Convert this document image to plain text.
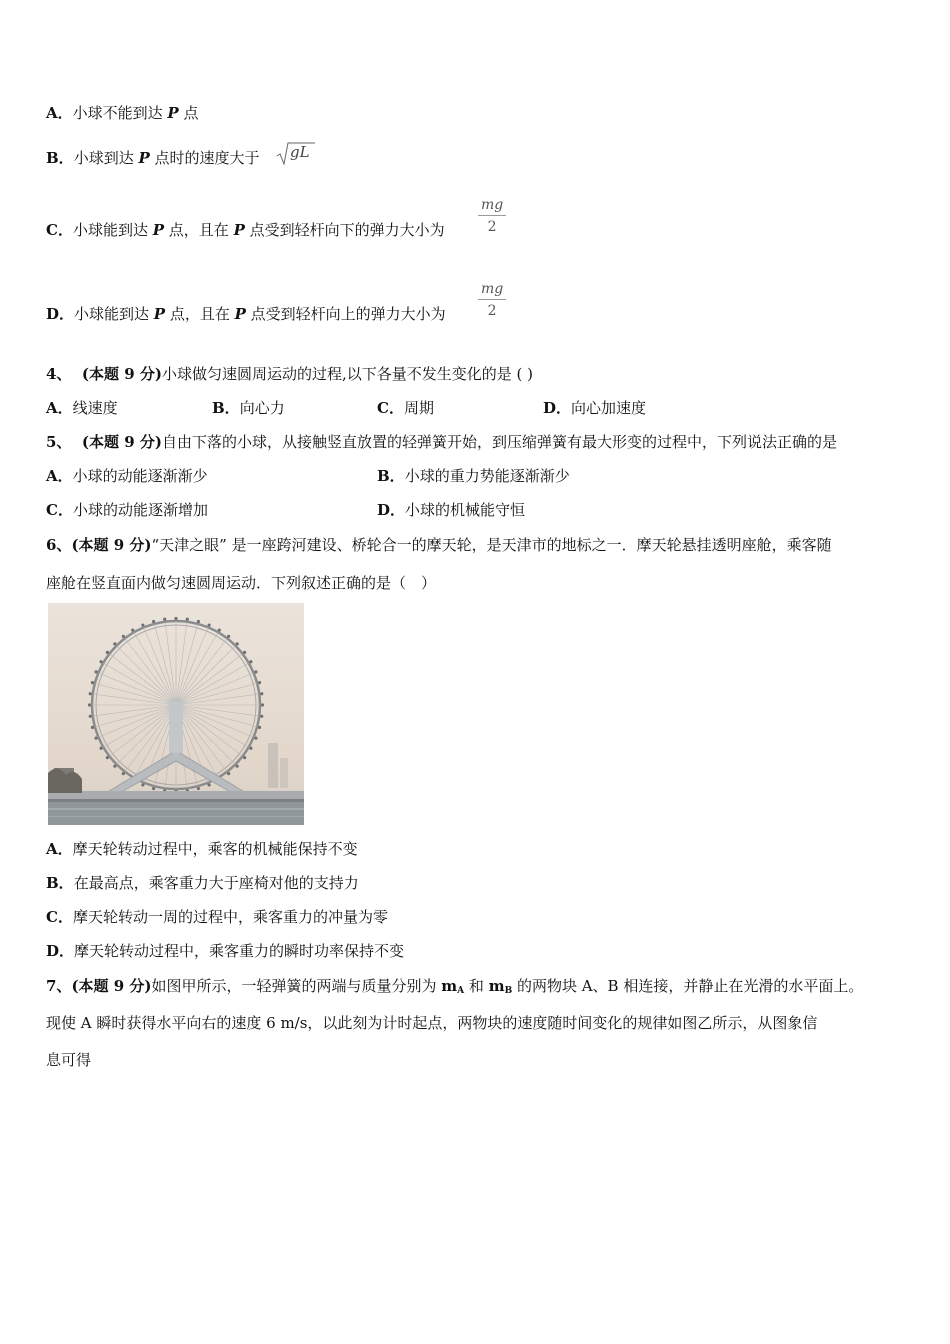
A．小球不能到达 P 点
B．小球到达 P 点时的速度大于 gL
C．小球能到达 P 点，且在 P 点受到轻杆向下的弹力大小为 $\frac{mg}{2}$
D．小球能到达 P 点，且在 P 点受到轻杆向上的弹力大小为 $\frac{mg}{2}$
4、 (本题 9 分)小球做匀速圆周运动的过程,以下各量不发生变化的是 ( )
A．线速度	B．向心力	C．周期	D．向心加速度
5、 (本题 9 分)自由下落的小球，从接触竖直放置的轻弹簧开始，到压缩弹簧有最大形变的过程中，下列说法正确的是
A．小球的动能逐渐渐少	B．小球的重力势能逐渐渐少
C．小球的动能逐渐增加	D．小球的机械能守恒
6、(本题 9 分)“天津之眼” 是一座跨河建设、桥轮合一的摩天轮，是天津市的地标之一．摩天轮悬挂透明座舱，乘客随
座舱在竖直面内做匀速圆周运动．下列叙述正确的是（　）
A．摩天轮转动过程中，乘客的机械能保持不变
B．在最高点，乘客重力大于座椅对他的支持力
C．摩天轮转动一周的过程中，乘客重力的冲量为零
D．摩天轮转动过程中，乘客重力的瞬时功率保持不变
7、(本题 9 分)如图甲所示，一轻弹簧的两端与质量分别为 $m_A$ 和 $m_B$ 的两物块 A、B 相连接，并静止在光滑的水平面上。
现使 A 瞬时获得水平向右的速度 6 m/s，以此刻为计时起点，两物块的速度随时间变化的规律如图乙所示，从图象信
息可得
